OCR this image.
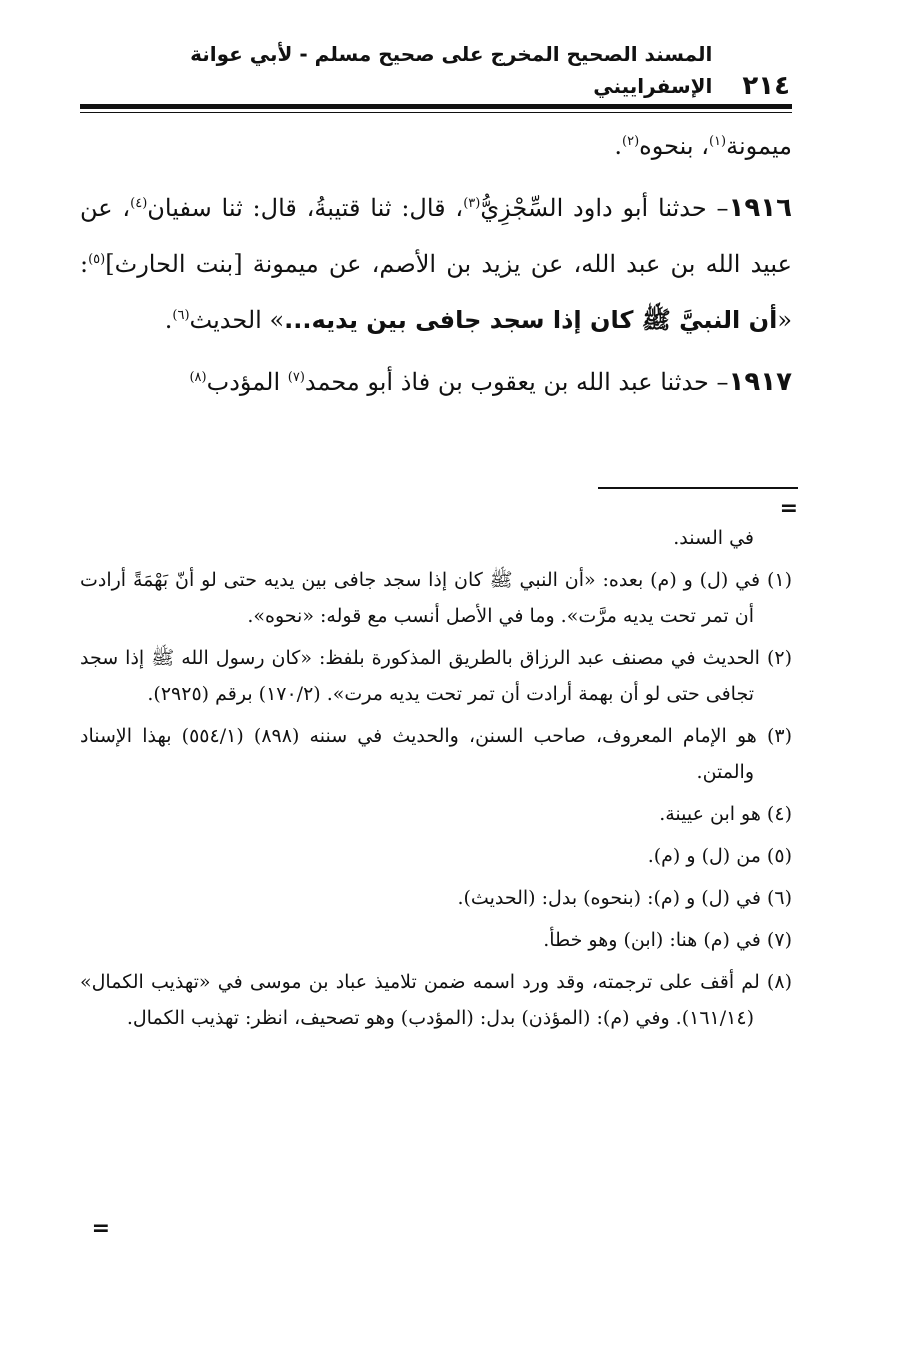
٢١٤
المسند الصحيح المخرج على صحيح مسلم - لأبي عوانة الإسفراييني

ميمونة$^{(١)}$، بنحوه$^{(٢)}$.

١٩١٦– حدثنا أبو داود السِّجْزِيُّ$^{(٣)}$، قال: ثنا قتيبةُ، قال: ثنا سفيان$^{(٤)}$، عن عبيد الله بن عبد الله، عن يزيد بن الأصم، عن ميمونة [بنت الحارث]$^{(٥)}$: «أن النبيَّ ﷺ كان إذا سجد جافى بين يديه...» الحديث$^{(٦)}$.

١٩١٧– حدثنا عبد الله بن يعقوب بن فاذ أبو محمد$^{(٧)}$ المؤدب$^{(٨)}$

=

في السند.

(١) في (ل) و (م) بعده: «أن النبي ﷺ كان إذا سجد جافى بين يديه حتى لو أنّ بَهْمَةً أرادت أن تمر تحت يديه مرَّت». وما في الأصل أنسب مع قوله: «نحوه».

(٢) الحديث في مصنف عبد الرزاق بالطريق المذكورة بلفظ: «كان رسول الله ﷺ إذا سجد تجافى حتى لو أن بهمة أرادت أن تمر تحت يديه مرت». (١٧٠/٢) برقم (٢٩٢٥).

(٣) هو الإمام المعروف، صاحب السنن، والحديث في سننه (٨٩٨) (٥٥٤/١) بهذا الإسناد والمتن.

(٤) هو ابن عيينة.

(٥) من (ل) و (م).

(٦) في (ل) و (م): (بنحوه) بدل: (الحديث).

(٧) في (م) هنا: (ابن) وهو خطأ.

(٨) لم أقف على ترجمته، وقد ورد اسمه ضمن تلاميذ عباد بن موسى في «تهذيب الكمال» (١٦١/١٤). وفي (م): (المؤذن) بدل: (المؤدب) وهو تصحيف، انظر: تهذيب الكمال.

=
